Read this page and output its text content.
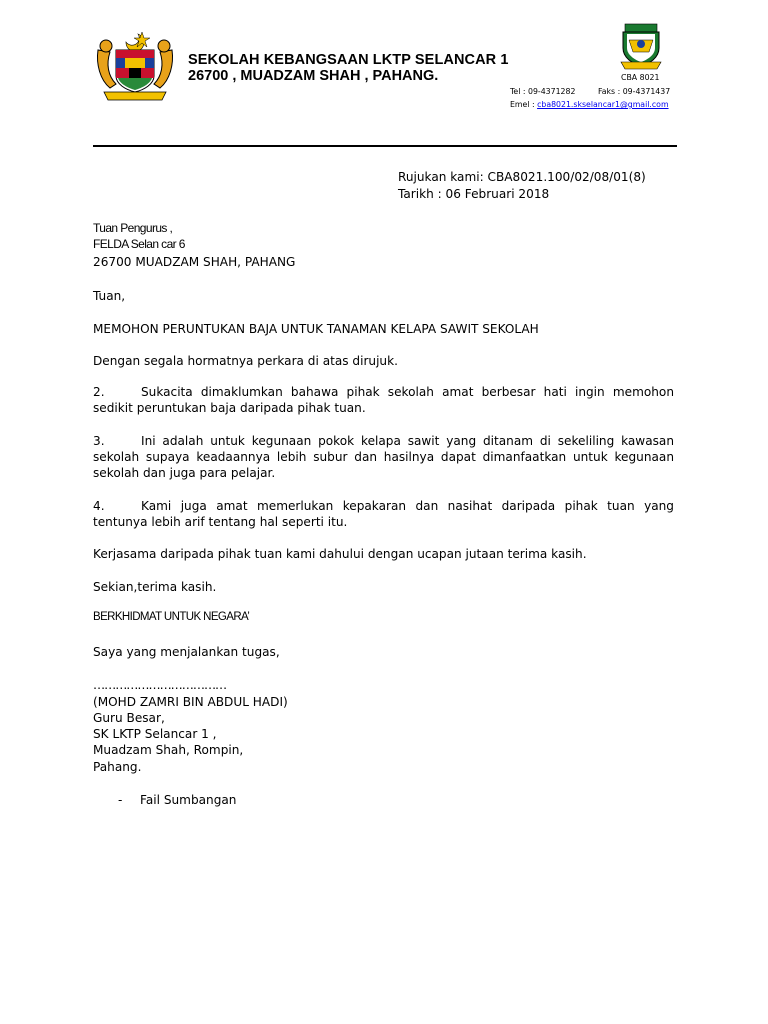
SEKOLAH KEBANGSAAN LKTP SELANCAR 1
26700 , MUADZAM SHAH , PAHANG.	CBA 8021
Tel : 09-4371282	Faks : 09-4371437
Emel : cba8021.skselancar1@gmail.com
Rujukan kami: CBA8021.100/02/08/01(8)
Tarikh : 06 Februari 2018
Tuan Pengurus ,
FELDA Selan car 6
26700 MUADZAM SHAH, PAHANG
Tuan,
MEMOHON PERUNTUKAN BAJA UNTUK TANAMAN KELAPA SAWIT SEKOLAH
Dengan segala hormatnya perkara di atas dirujuk.
2.	Sukacita dimaklumkan bahawa pihak sekolah amat berbesar hati ingin memohon sedikit peruntukan baja daripada pihak tuan.
3.	Ini adalah untuk kegunaan pokok kelapa sawit yang ditanam di sekeliling kawasan sekolah supaya keadaannya lebih subur dan hasilnya dapat dimanfaatkan untuk kegunaan sekolah dan juga para pelajar.
4.	Kami juga amat memerlukan kepakaran dan nasihat daripada pihak tuan yang tentunya lebih arif tentang hal seperti itu.
Kerjasama daripada pihak tuan kami dahului dengan ucapan jutaan terima kasih.
Sekian,terima kasih.
BERKHIDMAT UNTUK NEGARA’
Saya yang menjalankan tugas,
………………………………
(MOHD ZAMRI BIN ABDUL HADI)
Guru Besar,
SK LKTP Selancar 1 ,
Muadzam Shah, Rompin,
Pahang.
- Fail Sumbangan
